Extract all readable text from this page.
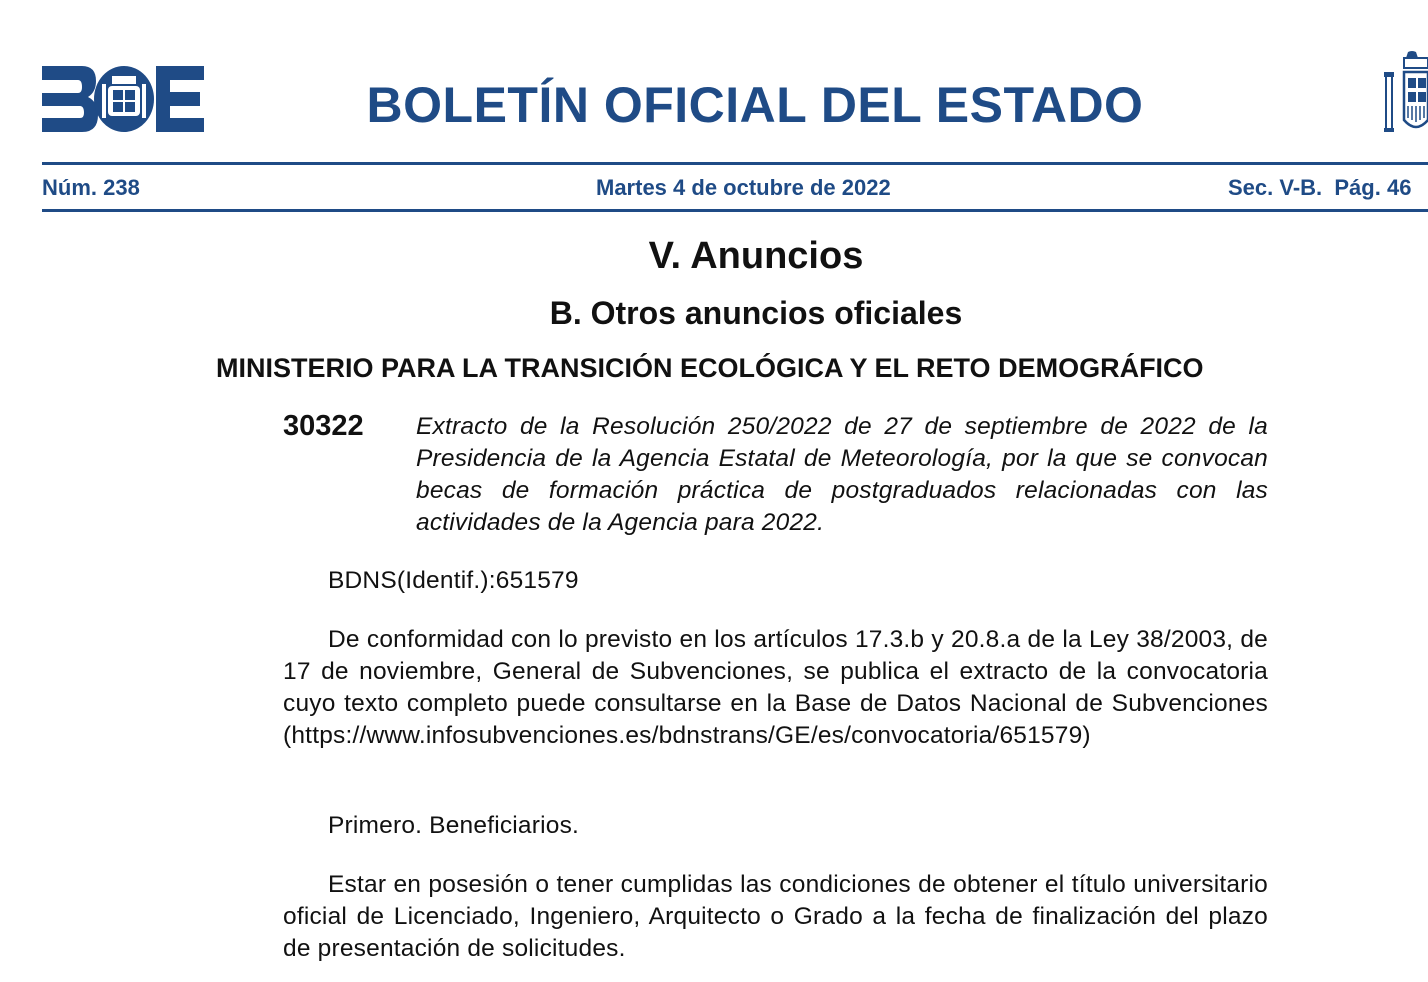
BOLETÍN OFICIAL DEL ESTADO
Núm. 238	Martes 4 de octubre de 2022	Sec. V-B.  Pág. 46
V. Anuncios
B. Otros anuncios oficiales
MINISTERIO PARA LA TRANSICIÓN ECOLÓGICA Y EL RETO DEMOGRÁFICO
30322 Extracto de la Resolución 250/2022 de 27 de septiembre de 2022 de la Presidencia de la Agencia Estatal de Meteorología, por la que se convocan becas de formación práctica de postgraduados relacionadas con las actividades de la Agencia para 2022.
BDNS(Identif.):651579
De conformidad con lo previsto en los artículos 17.3.b y 20.8.a de la Ley 38/2003, de 17 de noviembre, General de Subvenciones, se publica el extracto de la convocatoria cuyo texto completo puede consultarse en la Base de Datos Nacional de Subvenciones (https://www.infosubvenciones.es/bdnstrans/GE/es/convocatoria/651579)
Primero. Beneficiarios.
Estar en posesión o tener cumplidas las condiciones de obtener el título universitario oficial de Licenciado, Ingeniero, Arquitecto o Grado a la fecha de finalización del plazo de presentación de solicitudes.
